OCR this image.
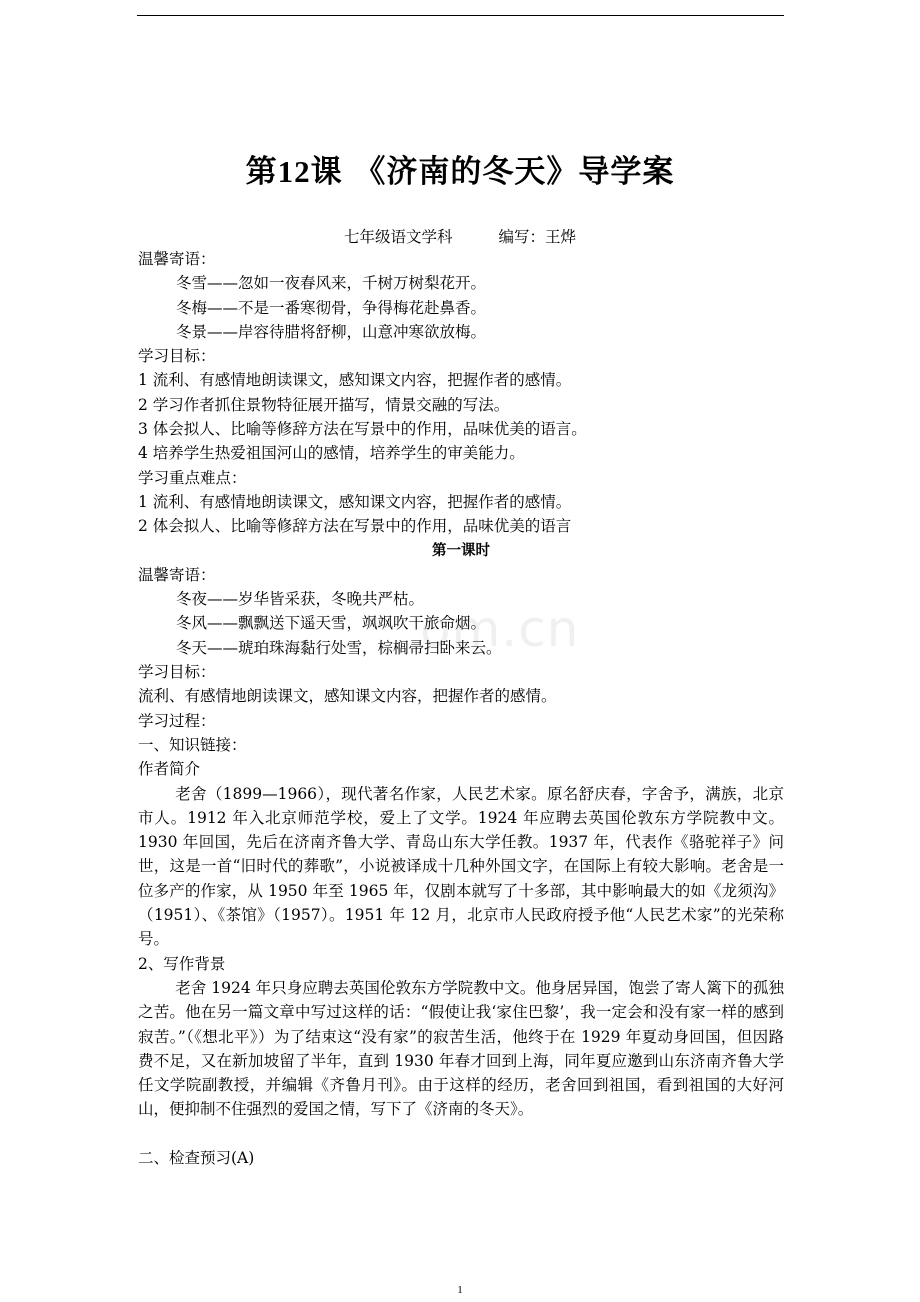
第12课 《济南的冬天》导学案
七年级语文学科	编写：王烨
om.cn

温馨寄语：

冬雪——忽如一夜春风来，千树万树梨花开。

冬梅——不是一番寒彻骨，争得梅花赴鼻香。

冬景——岸容待腊将舒柳，山意冲寒欲放梅。

学习目标：

1 流利、有感情地朗读课文，感知课文内容，把握作者的感情。

2 学习作者抓住景物特征展开描写，情景交融的写法。

3 体会拟人、比喻等修辞方法在写景中的作用，品味优美的语言。

4 培养学生热爱祖国河山的感情，培养学生的审美能力。

学习重点难点：

1 流利、有感情地朗读课文，感知课文内容，把握作者的感情。

2 体会拟人、比喻等修辞方法在写景中的作用，品味优美的语言

第一课时

温馨寄语：

冬夜——岁华皆采获，冬晚共严枯。

冬风——飘飘送下遥天雪，飒飒吹干旅命烟。

冬天——琥珀珠海黏行处雪，棕榈帚扫卧来云。

学习目标：

流利、有感情地朗读课文，感知课文内容，把握作者的感情。

学习过程：

一、知识链接：

作者简介

老舍（1899—1966），现代著名作家，人民艺术家。原名舒庆春，字舍予，满族，北京市人。1912 年入北京师范学校，爱上了文学。1924 年应聘去英国伦敦东方学院教中文。1930 年回国，先后在济南齐鲁大学、青岛山东大学任教。1937 年，代表作《骆驼祥子》问世，这是一首“旧时代的葬歌”，小说被译成十几种外国文字，在国际上有较大影响。老舍是一位多产的作家，从 1950 年至 1965 年，仅剧本就写了十多部，其中影响最大的如《龙须沟》（1951）、《茶馆》（1957）。1951 年 12 月，北京市人民政府授予他“人民艺术家”的光荣称号。

2、写作背景

老舍 1924 年只身应聘去英国伦敦东方学院教中文。他身居异国，饱尝了寄人篱下的孤独之苦。他在另一篇文章中写过这样的话：“假使让我‘家住巴黎’，我一定会和没有家一样的感到寂苦。”（《想北平》）为了结束这“没有家”的寂苦生活，他终于在 1929 年夏动身回国，但因路费不足，又在新加坡留了半年，直到 1930 年春才回到上海，同年夏应邀到山东济南齐鲁大学任文学院副教授，并编辑《齐鲁月刊》。由于这样的经历，老舍回到祖国，看到祖国的大好河山，便抑制不住强烈的爱国之情，写下了《济南的冬天》。

二、检查预习(A)

1
